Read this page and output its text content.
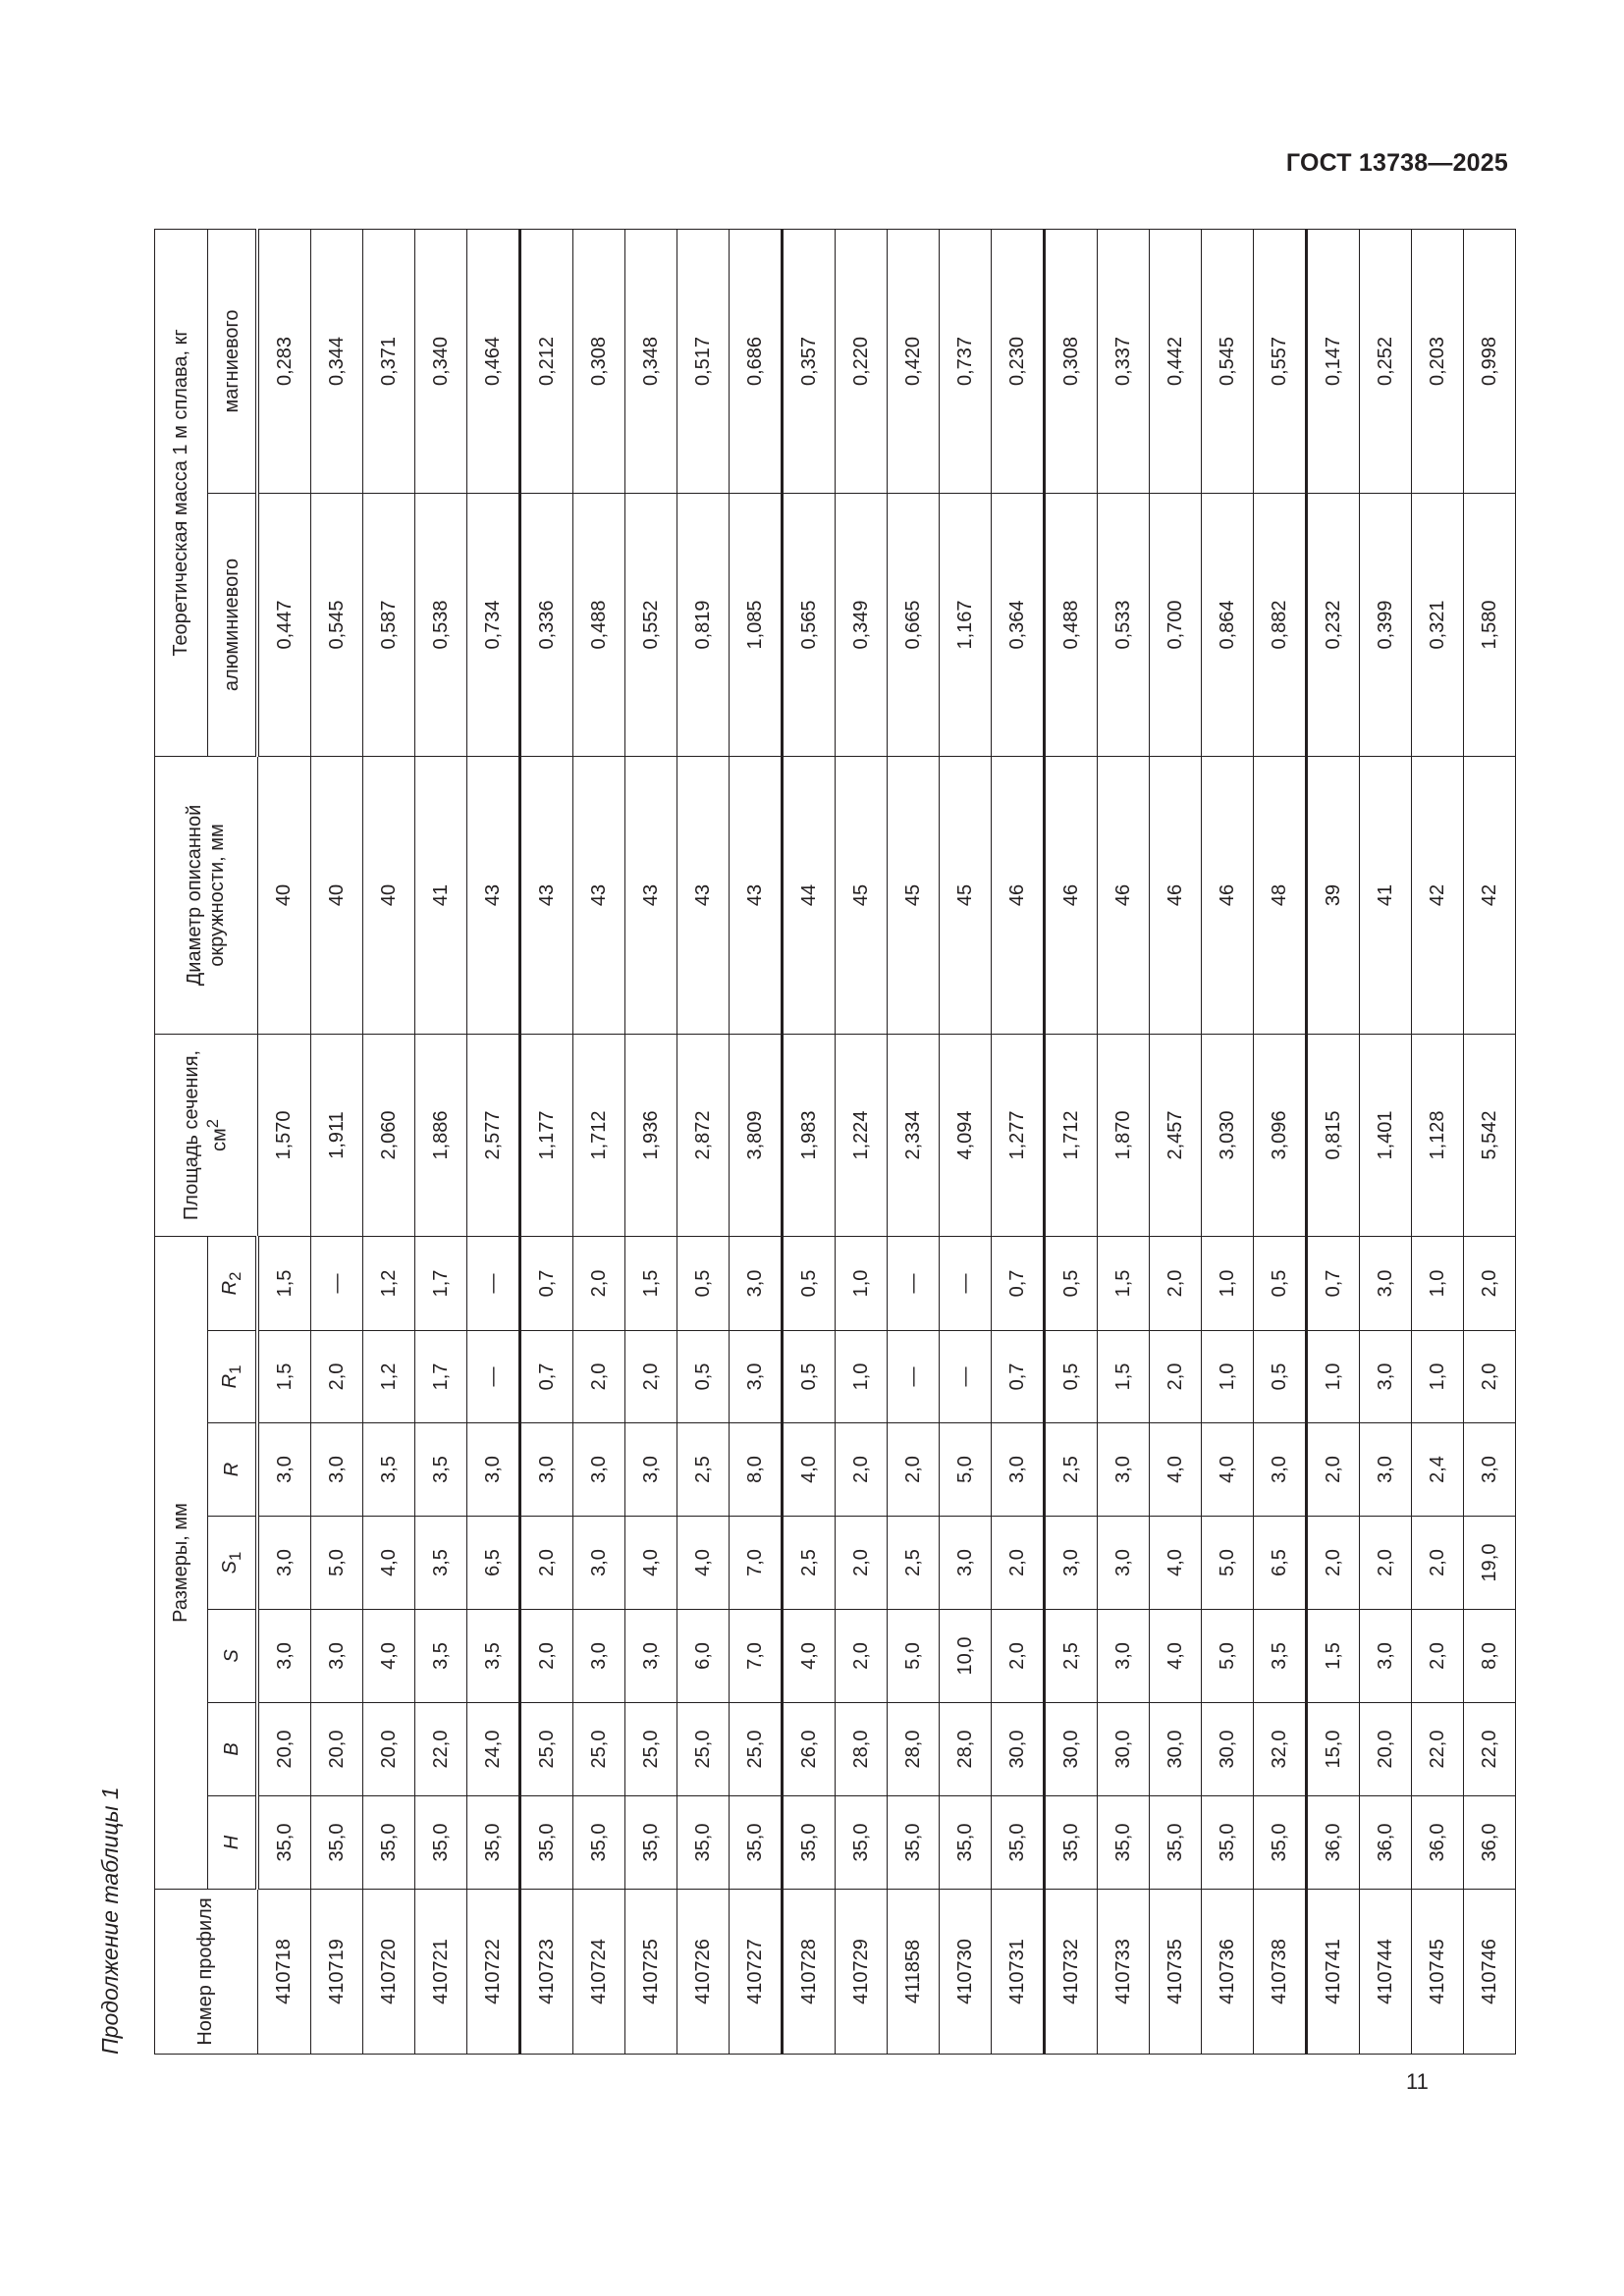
ГОСТ 13738—2025
Продолжение таблицы 1	Номер профиля	Размеры, мм							Площадь сечения, $см^2$	Диаметр описанной окружности, мм	Теоретическая масса 1 м сплава, кг	
	H	B	S	$S_1$	R	$R_1$	$R_2$			алюминиевого	магниевого
410718	35,0	20,0	3,0	3,0	3,0	1,5	1,5	1,570	40	0,447	0,283
410719	35,0	20,0	3,0	5,0	3,0	2,0	—	1,911	40	0,545	0,344
410720	35,0	20,0	4,0	4,0	3,5	1,2	1,2	2,060	40	0,587	0,371
410721	35,0	22,0	3,5	3,5	3,5	1,7	1,7	1,886	41	0,538	0,340
410722	35,0	24,0	3,5	6,5	3,0	—	—	2,577	43	0,734	0,464
410723	35,0	25,0	2,0	2,0	3,0	0,7	0,7	1,177	43	0,336	0,212
410724	35,0	25,0	3,0	3,0	3,0	2,0	2,0	1,712	43	0,488	0,308
410725	35,0	25,0	3,0	4,0	3,0	2,0	1,5	1,936	43	0,552	0,348
410726	35,0	25,0	6,0	4,0	2,5	0,5	0,5	2,872	43	0,819	0,517
410727	35,0	25,0	7,0	7,0	8,0	3,0	3,0	3,809	43	1,085	0,686
410728	35,0	26,0	4,0	2,5	4,0	0,5	0,5	1,983	44	0,565	0,357
410729	35,0	28,0	2,0	2,0	2,0	1,0	1,0	1,224	45	0,349	0,220
411858	35,0	28,0	5,0	2,5	2,0	—	—	2,334	45	0,665	0,420
410730	35,0	28,0	10,0	3,0	5,0	—	—	4,094	45	1,167	0,737
410731	35,0	30,0	2,0	2,0	3,0	0,7	0,7	1,277	46	0,364	0,230
410732	35,0	30,0	2,5	3,0	2,5	0,5	0,5	1,712	46	0,488	0,308
410733	35,0	30,0	3,0	3,0	3,0	1,5	1,5	1,870	46	0,533	0,337
410735	35,0	30,0	4,0	4,0	4,0	2,0	2,0	2,457	46	0,700	0,442
410736	35,0	30,0	5,0	5,0	4,0	1,0	1,0	3,030	46	0,864	0,545
410738	35,0	32,0	3,5	6,5	3,0	0,5	0,5	3,096	48	0,882	0,557
410741	36,0	15,0	1,5	2,0	2,0	1,0	0,7	0,815	39	0,232	0,147
410744	36,0	20,0	3,0	2,0	3,0	3,0	3,0	1,401	41	0,399	0,252
410745	36,0	22,0	2,0	2,0	2,4	1,0	1,0	1,128	42	0,321	0,203
410746	36,0	22,0	8,0	19,0	3,0	2,0	2,0	5,542	42	1,580	0,998
11
